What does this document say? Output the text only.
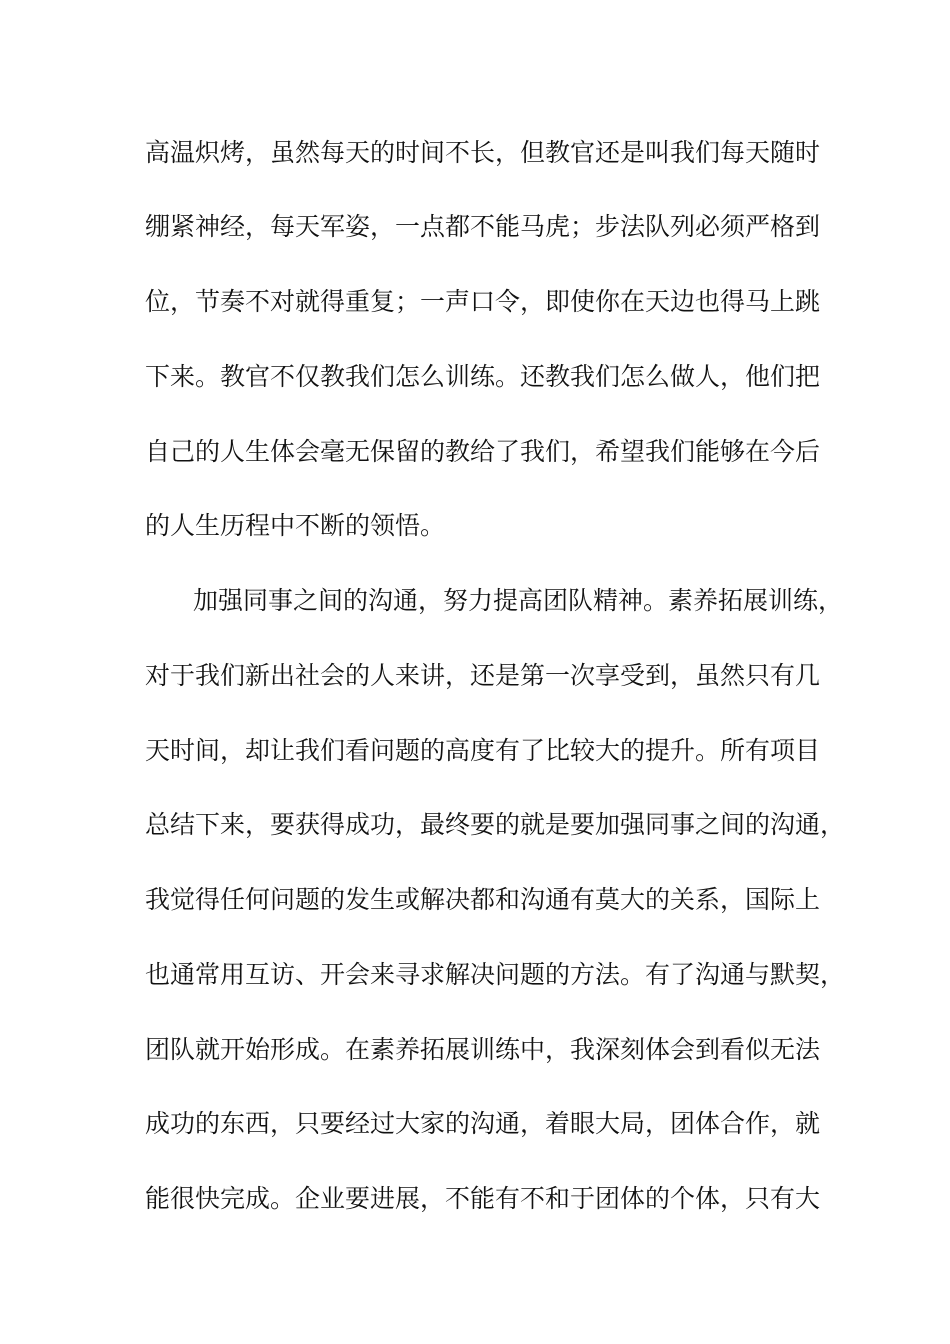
高温炽烤，虽然每天的时间不长，但教官还是叫我们每天随时
绷紧神经，每天军姿，一点都不能马虎；步法队列必须严格到
位，节奏不对就得重复；一声口令，即使你在天边也得马上跳
下来。教官不仅教我们怎么训练。还教我们怎么做人，他们把
自己的人生体会毫无保留的教给了我们，希望我们能够在今后
的人生历程中不断的领悟。
加强同事之间的沟通，努力提高团队精神。素养拓展训练，
对于我们新出社会的人来讲，还是第一次享受到，虽然只有几
天时间，却让我们看问题的高度有了比较大的提升。所有项目
总结下来，要获得成功，最终要的就是要加强同事之间的沟通，
我觉得任何问题的发生或解决都和沟通有莫大的关系，国际上
也通常用互访、开会来寻求解决问题的方法。有了沟通与默契，
团队就开始形成。在素养拓展训练中，我深刻体会到看似无法
成功的东西，只要经过大家的沟通，着眼大局，团体合作，就
能很快完成。企业要进展，不能有不和于团体的个体，只有大
